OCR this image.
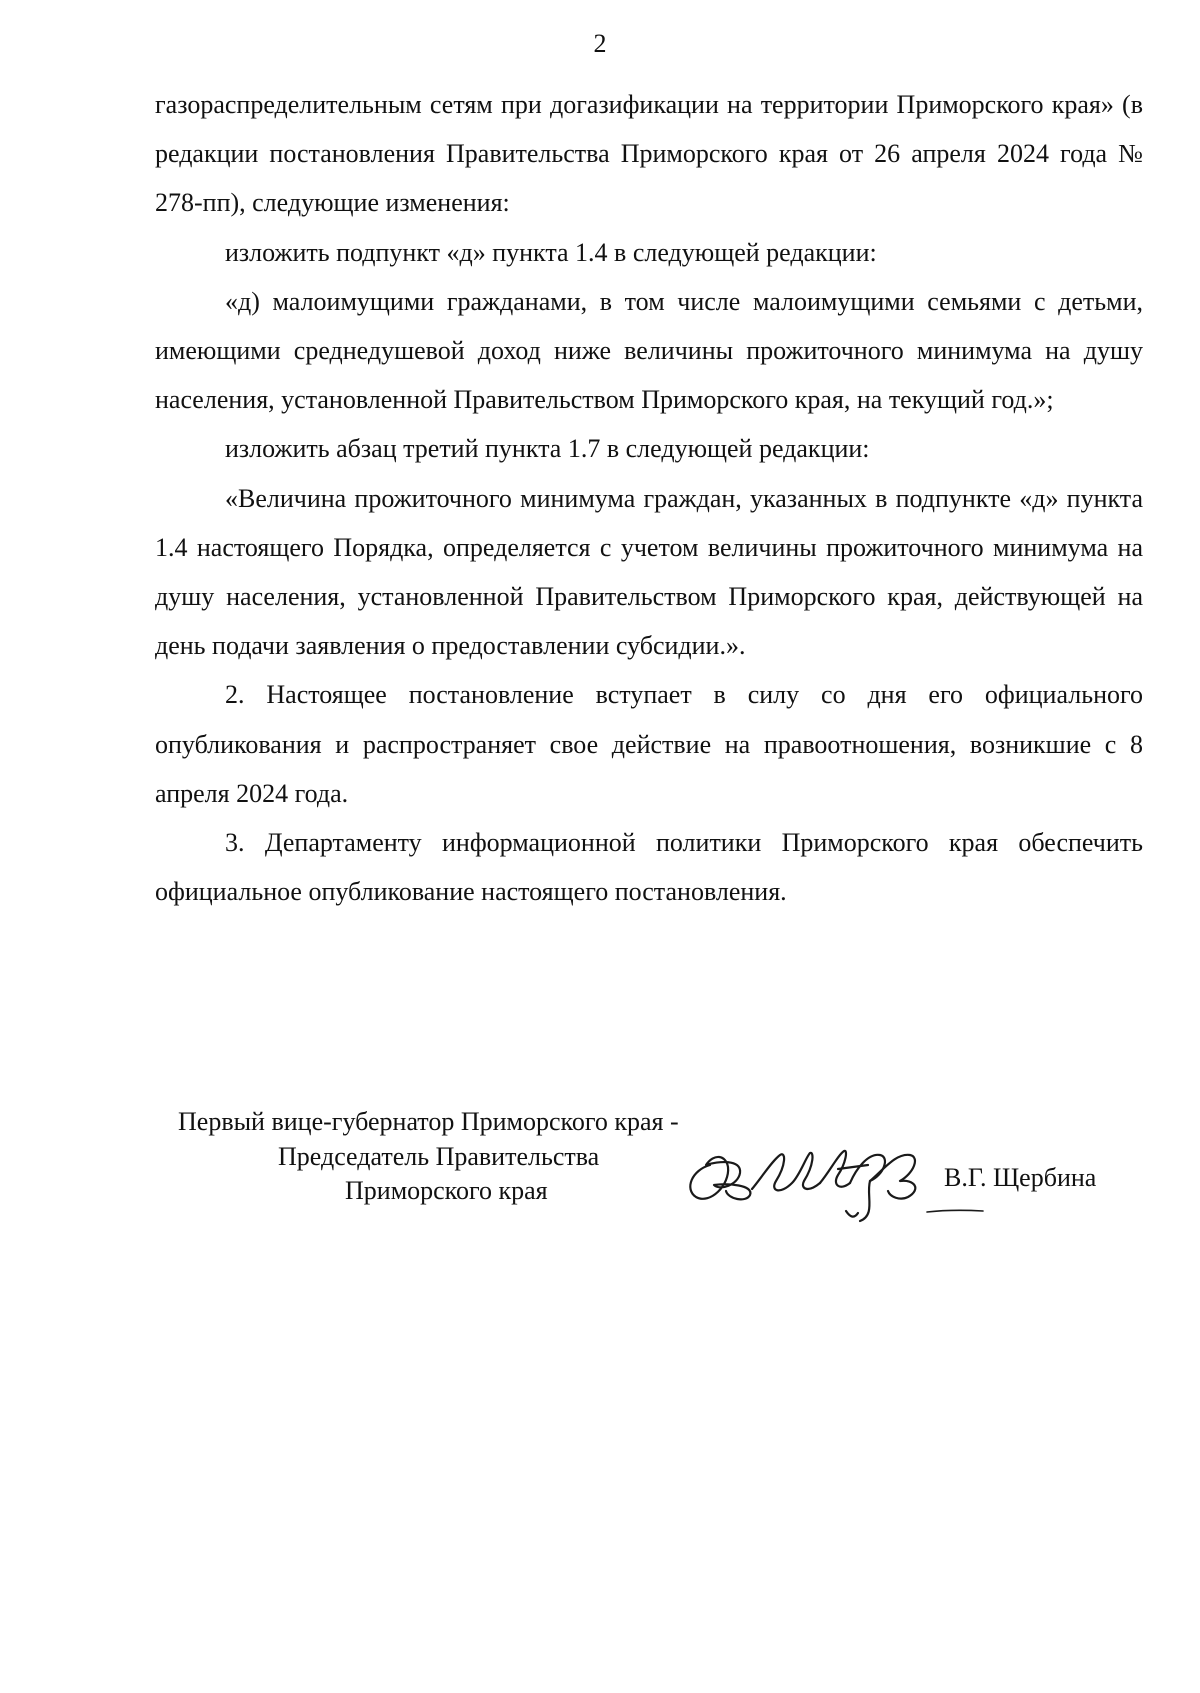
2

газораспределительным сетям при догазификации на территории Приморского края» (в редакции постановления Правительства Приморского края от 26 апреля 2024 года № 278-пп), следующие изменения:

изложить подпункт «д» пункта 1.4 в следующей редакции:

«д) малоимущими гражданами, в том числе малоимущими семьями с детьми, имеющими среднедушевой доход ниже величины прожиточного минимума на душу населения, установленной Правительством Приморского края, на текущий год.»;

изложить абзац третий пункта 1.7 в следующей редакции:

«Величина прожиточного минимума граждан, указанных в подпункте «д» пункта 1.4 настоящего Порядка, определяется с учетом величины прожиточного минимума на душу населения, установленной Правительством Приморского края, действующей на день подачи заявления о предоставлении субсидии.».

2. Настоящее постановление вступает в силу со дня его официального опубликования и распространяет свое действие на правоотношения, возникшие с 8 апреля 2024 года.

3. Департаменту информационной политики Приморского края обеспечить официальное опубликование настоящего постановления.

Первый вице-губернатор Приморского края -
Председатель Правительства
Приморского края	В.Г. Щербина
